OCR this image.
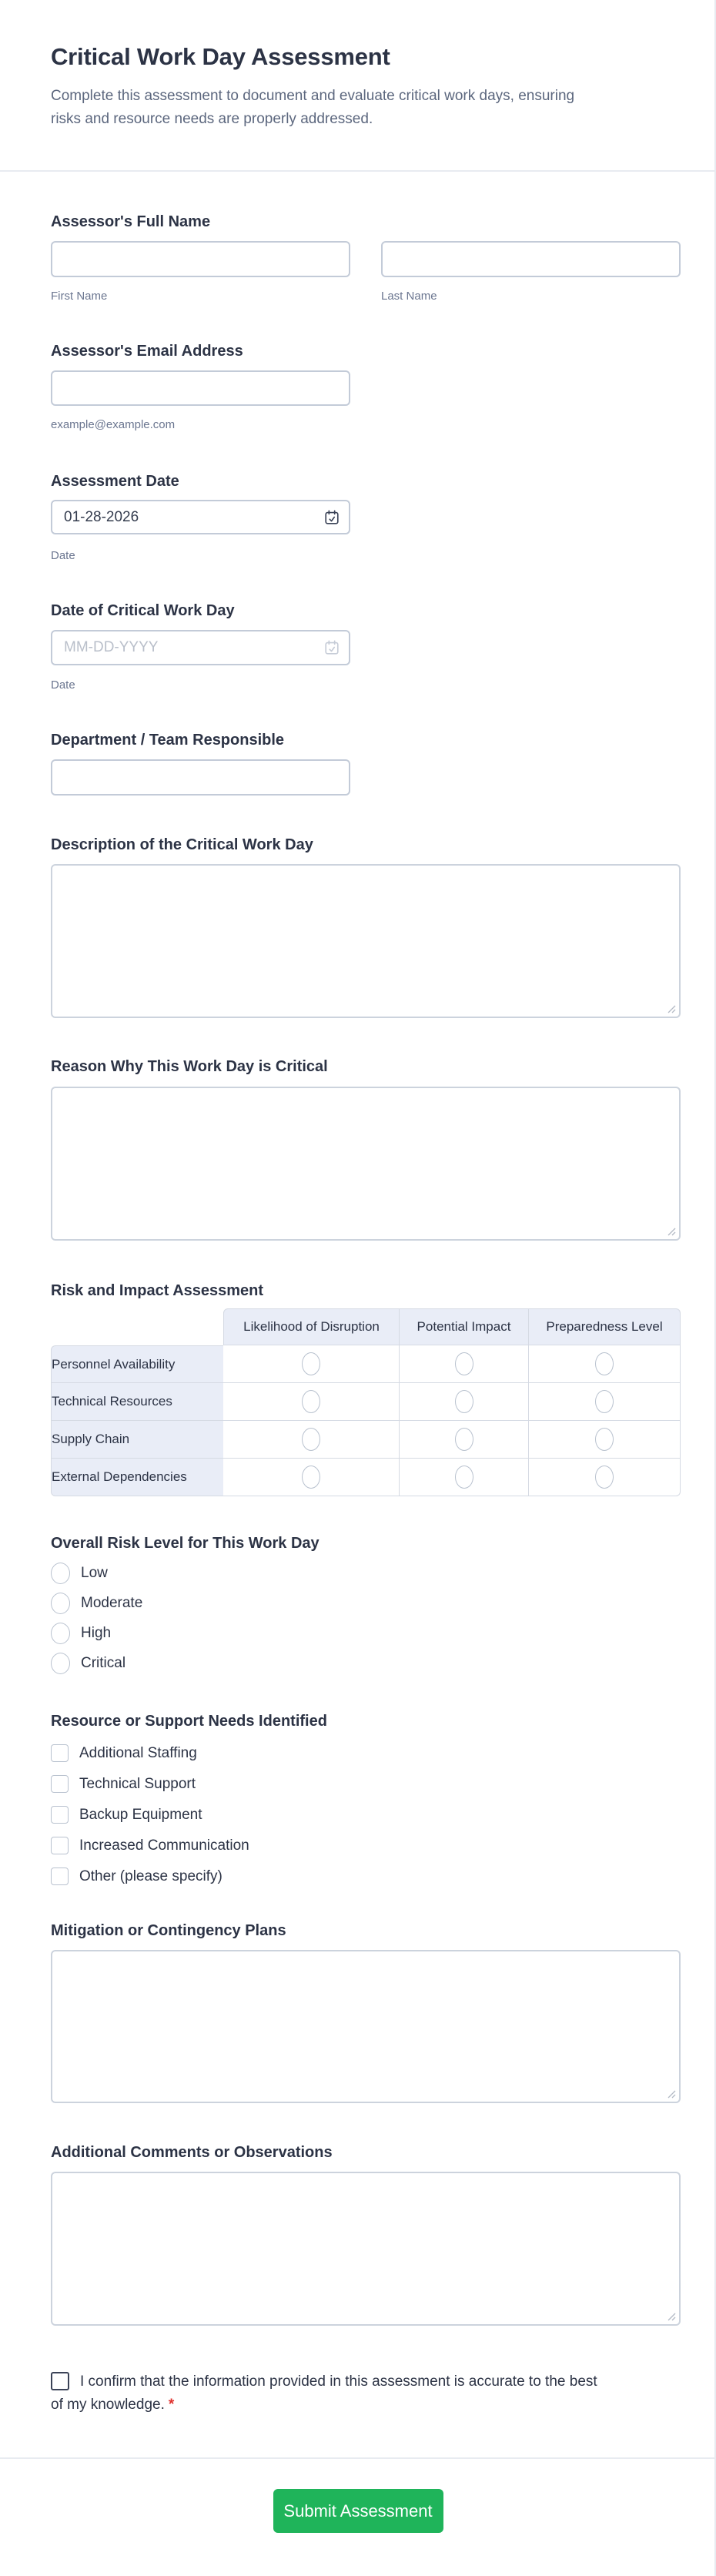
Critical Work Day Assessment

Complete this assessment to document and evaluate critical work days, ensuring risks and resource needs are properly addressed.

Assessor's Full Name
First Name	Last Name
Assessor's Email Address
example@example.com
Assessment Date
01-28-2026
Date
Date of Critical Work Day
MM-DD-YYYY
Date
Department / Team Responsible
Description of the Critical Work Day
Reason Why This Work Day is Critical
Risk and Impact Assessment
	Likelihood of Disruption	Potential Impact	Preparedness Level
Personnel Availability			
Technical Resources			
Supply Chain			
External Dependencies			
Overall Risk Level for This Work Day
Low
Moderate
High
Critical
Resource or Support Needs Identified
Additional Staffing
Technical Support
Backup Equipment
Increased Communication
Other (please specify)
Mitigation or Contingency Plans
Additional Comments or Observations
I confirm that the information provided in this assessment is accurate to the best of my knowledge. *
Submit Assessment
